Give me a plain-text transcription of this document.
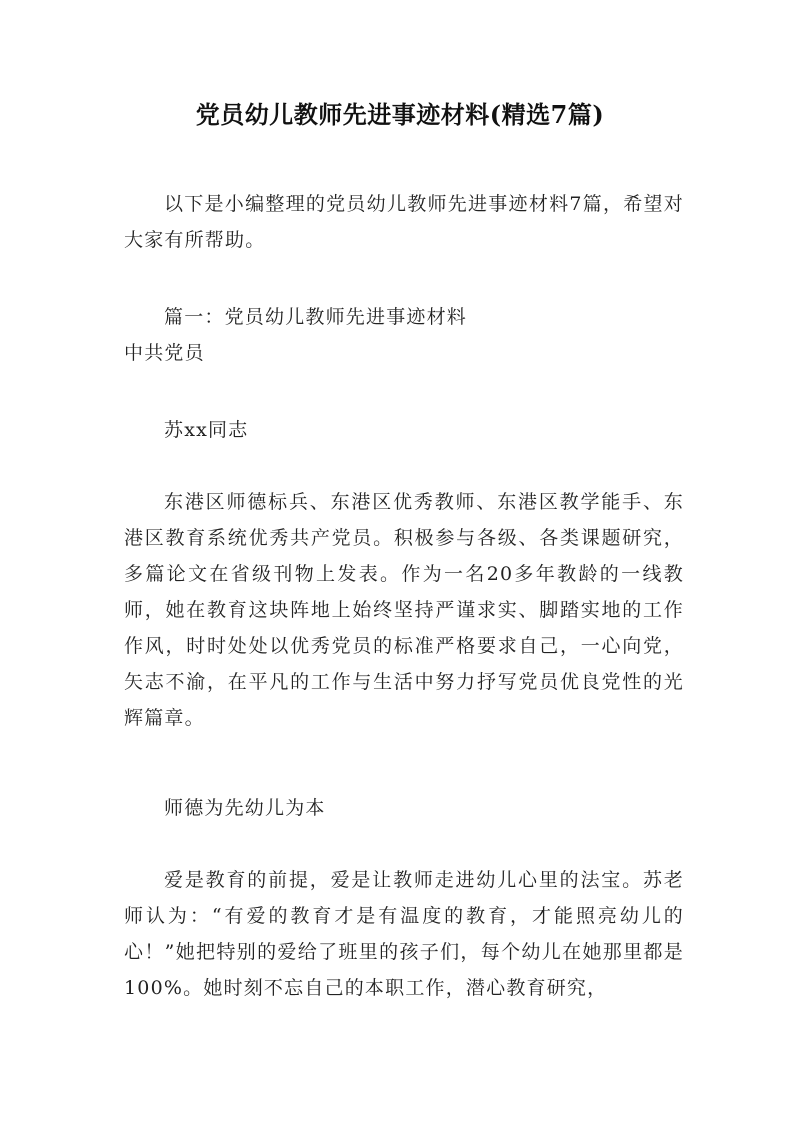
党员幼儿教师先进事迹材料(精选7篇)

以下是小编整理的党员幼儿教师先进事迹材料7篇，希望对大家有所帮助。

篇一：党员幼儿教师先进事迹材料

中共党员

苏xx同志

东港区师德标兵、东港区优秀教师、东港区教学能手、东港区教育系统优秀共产党员。积极参与各级、各类课题研究，多篇论文在省级刊物上发表。作为一名20多年教龄的一线教师，她在教育这块阵地上始终坚持严谨求实、脚踏实地的工作作风，时时处处以优秀党员的标准严格要求自己，一心向党，矢志不渝，在平凡的工作与生活中努力抒写党员优良党性的光辉篇章。

师德为先幼儿为本

爱是教育的前提，爱是让教师走进幼儿心里的法宝。苏老师认为：“有爱的教育才是有温度的教育，才能照亮幼儿的心！”她把特别的爱给了班里的孩子们，每个幼儿在她那里都是100%。她时刻不忘自己的本职工作，潜心教育研究，
